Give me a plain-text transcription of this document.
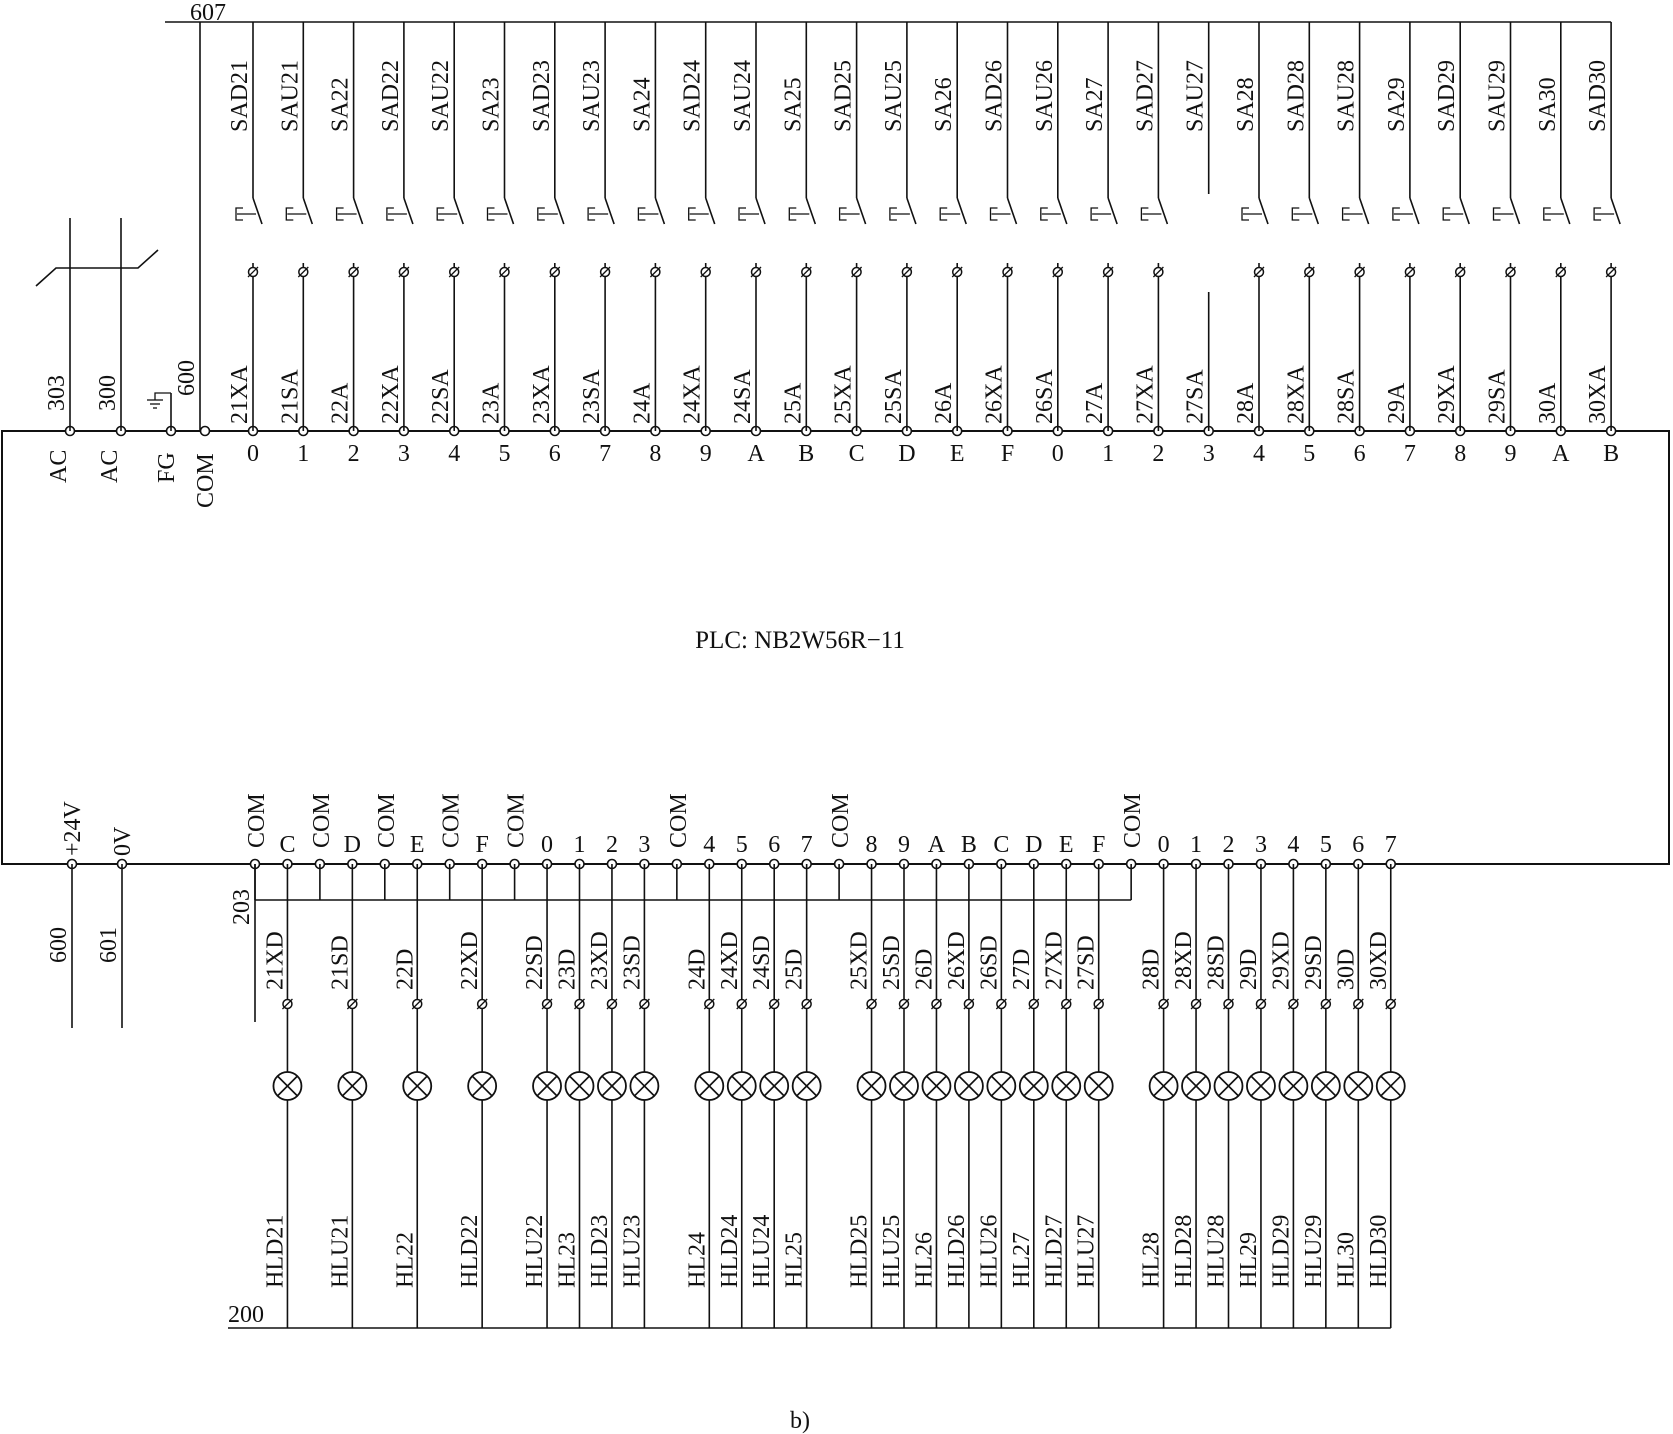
PLC: NB2W56R−11
607
200
b)
0
21XA
SAD21
1
21SA
SAU21
2
22A
SA22
3
22XA
SAD22
4
22SA
SAU22
5
23A
SA23
6
23XA
SAD23
7
23SA
SAU23
8
24A
SA24
9
24XA
SAD24
A
24SA
SAU24
B
25A
SA25
C
25XA
SAD25
D
25SA
SAU25
E
26A
SA26
F
26XA
SAD26
0
26SA
SAU26
1
27A
SA27
2
27XA
SAD27
3
27SA
SAU27
4
28A
SA28
5
28XA
SAD28
6
28SA
SAU28
7
29A
SA29
8
29XA
SAD29
9
29SA
SAU29
A
30A
SA30
B
30XA
SAD30
AC
303
AC
300
FG COM
600
COM C
21XD
HLD21
COM D
21SD
HLU21
COM E
22D
HL22
COM F
22XD
HLD22
COM 0
22SD
HLU22
1
23D
HL23
2
23XD
HLD23
3
23SD
HLU23
COM 4
24D
HL24
5
24XD
HLD24
6
24SD
HLU24
7
25D
HL25
COM 8
25XD
HLD25
9
25SD
HLU25
A
26D
HL26
B
26XD
HLD26
C
26SD
HLU26
D
27D
HL27
E
27XD
HLD27
F
27SD
HLU27
COM 0
28D
HL28
1
28XD
HLD28
2
28SD
HLU28
3
29D
HL29
4
29XD
HLD29
5
29SD
HLU29
6
30D
HL30
7
30XD
HLD30
203
+24V
600
0V
601
